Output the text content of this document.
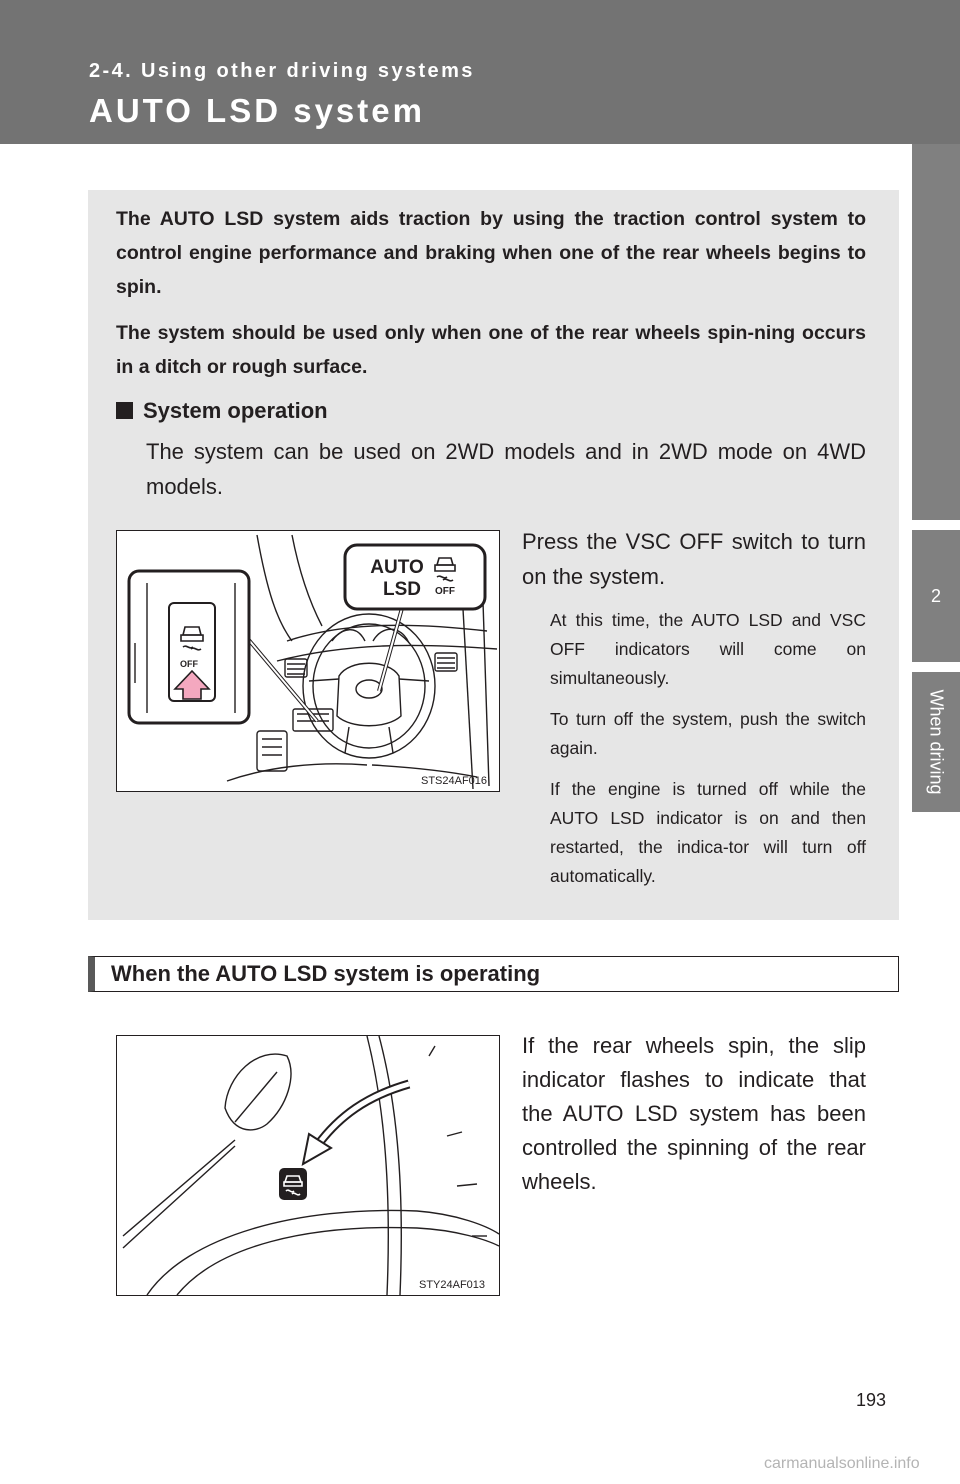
2-4. Using other driving systems
AUTO LSD system
2
When driving

The AUTO LSD system aids traction by using the traction control system to control engine performance and braking when one of the rear wheels begins to spin.

The system should be used only when one of the rear wheels spin-ning occurs in a ditch or rough surface.

System operation

The system can be used on 2WD models and in 2WD mode on 4WD models.

AUTO
LSD	OFF
OFF
STS24AF016

Press the VSC OFF switch to turn on the system.

At this time, the AUTO LSD and VSC OFF indicators will come on simultaneously.

To turn off the system, push the switch again.

If the engine is turned off while the AUTO LSD indicator is on and then restarted, the indica-tor will turn off automatically.

When the AUTO LSD system is operating
STY24AF013

If the rear wheels spin, the slip indicator flashes to indicate that the AUTO LSD system has been controlled the spinning of the rear wheels.

193
carmanualsonline.info
